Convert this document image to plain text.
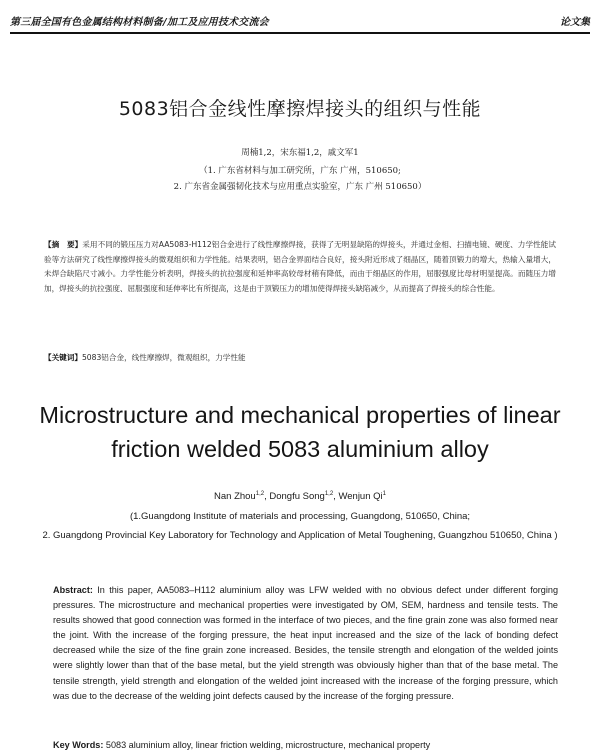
第三届全国有色金属结构材料制备/加工及应用技术交流会	论文集
5083铝合金线性摩擦焊接头的组织与性能
周楠1,2，宋东福1,2，戚文军1
（1. 广东省材料与加工研究所，广东 广州，510650;
2. 广东省金属强韧化技术与应用重点实验室，广东 广州 510650）
【摘　要】采用不同的锻压压力对AA5083-H112铝合金进行了线性摩擦焊接，获得了无明显缺陷的焊接头，并通过金相、扫描电镜、硬度、力学性能试验等方法研究了线性摩擦焊接头的微观组织和力学性能。结果表明，铝合金界面结合良好，接头附近形成了细晶区，随着顶锻力的增大，热输入量增大，未焊合缺陷尺寸减小。力学性能分析表明，焊接头的抗拉强度和延伸率高较母材稍有降低，而由于细晶区的作用，屈服强度比母材明显提高。而随压力增加，焊接头的抗拉强度、屈服强度和延伸率比有所提高，这是由于顶锻压力的增加使得焊接头缺陷减少，从而提高了焊接头的综合性能。
【关键词】5083铝合金，线性摩擦焊，微观组织，力学性能
Microstructure and mechanical properties of linear
friction welded 5083 aluminium alloy
Nan Zhou$^{1,2}$, Dongfu Song$^{1,2}$, Wenjun Qi$^1$
(1.Guangdong Institute of materials and processing, Guangdong, 510650, China;
2. Guangdong Provincial Key Laboratory for Technology and Application of Metal Toughening, Guangzhou 510650, China )
Abstract: In this paper, AA5083–H112 aluminium alloy was LFW welded with no obvious defect under different forging pressures. The microstructure and mechanical properties were investigated by OM, SEM, hardness and tensile tests. The results showed that good connection was formed in the interface of two pieces, and the fine grain zone was also formed near the joint. With the increase of the forging pressure, the heat input increased and the size of the lack of bonding defect decreased while the size of the fine grain zone increased. Besides, the tensile strength and elongation of the welded joints were slightly lower than that of the base metal, but the yield strength was obviously higher than that of the base metal. The tensile strength, yield strength and elongation of the welded joint increased with the increase of the forging pressure, which was due to the decrease of the welding joint defects caused by the increase of the forging pressure.
Key Words: 5083 aluminium alloy, linear friction welding, microstructure, mechanical property
